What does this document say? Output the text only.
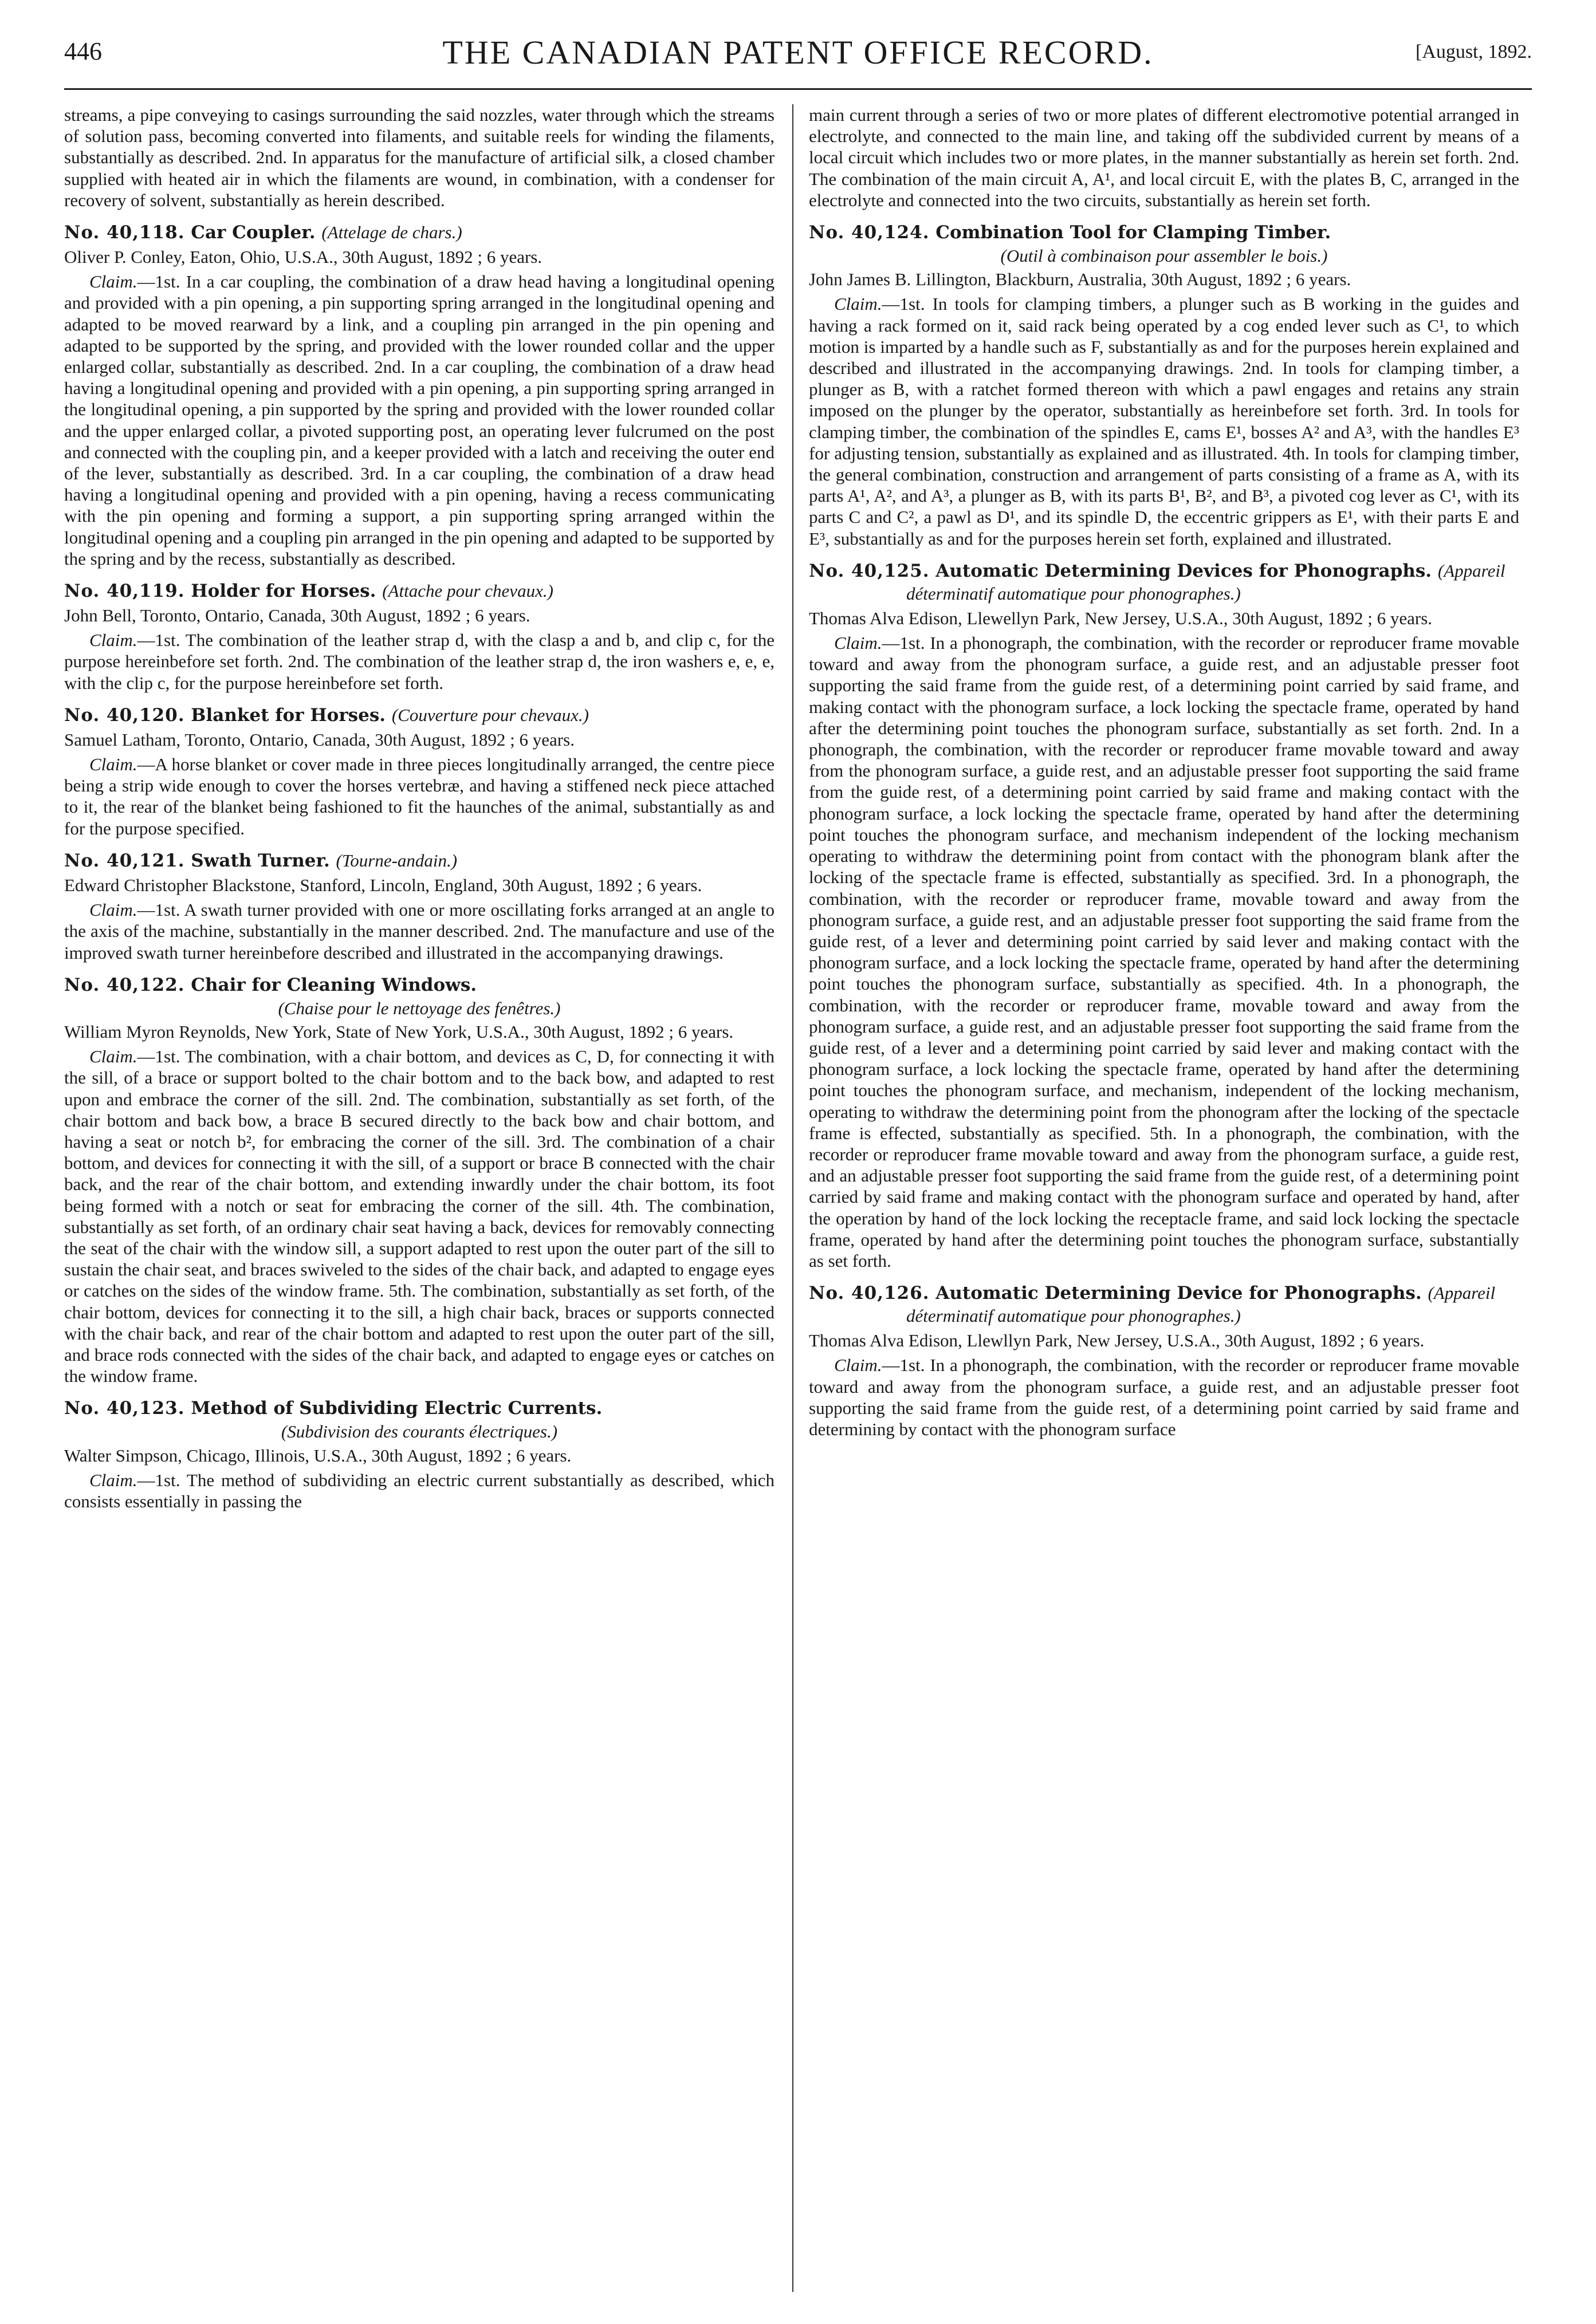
446	THE CANADIAN PATENT OFFICE RECORD.	[August, 1892.

streams, a pipe conveying to casings surrounding the said nozzles, water through which the streams of solution pass, becoming converted into filaments, and suitable reels for winding the filaments, substantially as described. 2nd. In apparatus for the manufacture of artificial silk, a closed chamber supplied with heated air in which the filaments are wound, in combination, with a condenser for recovery of solvent, substantially as herein described.

No. 40,118. Car Coupler. (Attelage de chars.)

Oliver P. Conley, Eaton, Ohio, U.S.A., 30th August, 1892 ; 6 years.

Claim.—1st. In a car coupling, the combination of a draw head having a longitudinal opening and provided with a pin opening, a pin supporting spring arranged in the longitudinal opening and adapted to be moved rearward by a link, and a coupling pin arranged in the pin opening and adapted to be supported by the spring, and provided with the lower rounded collar and the upper enlarged collar, substantially as described. 2nd. In a car coupling, the combination of a draw head having a longitudinal opening and provided with a pin opening, a pin supporting spring arranged in the longitudinal opening, a pin supported by the spring and provided with the lower rounded collar and the upper enlarged collar, a pivoted supporting post, an operating lever fulcrumed on the post and connected with the coupling pin, and a keeper provided with a latch and receiving the outer end of the lever, substantially as described. 3rd. In a car coupling, the combination of a draw head having a longitudinal opening and provided with a pin opening, having a recess communicating with the pin opening and forming a support, a pin supporting spring arranged within the longitudinal opening and a coupling pin arranged in the pin opening and adapted to be supported by the spring and by the recess, substantially as described.

No. 40,119. Holder for Horses. (Attache pour chevaux.)

John Bell, Toronto, Ontario, Canada, 30th August, 1892 ; 6 years.

Claim.—1st. The combination of the leather strap d, with the clasp a and b, and clip c, for the purpose hereinbefore set forth. 2nd. The combination of the leather strap d, the iron washers e, e, e, with the clip c, for the purpose hereinbefore set forth.

No. 40,120. Blanket for Horses. (Couverture pour chevaux.)

Samuel Latham, Toronto, Ontario, Canada, 30th August, 1892 ; 6 years.

Claim.—A horse blanket or cover made in three pieces longitudinally arranged, the centre piece being a strip wide enough to cover the horses vertebræ, and having a stiffened neck piece attached to it, the rear of the blanket being fashioned to fit the haunches of the animal, substantially as and for the purpose specified.

No. 40,121. Swath Turner. (Tourne-andain.)

Edward Christopher Blackstone, Stanford, Lincoln, England, 30th August, 1892 ; 6 years.

Claim.—1st. A swath turner provided with one or more oscillating forks arranged at an angle to the axis of the machine, substantially in the manner described. 2nd. The manufacture and use of the improved swath turner hereinbefore described and illustrated in the accompanying drawings.

No. 40,122. Chair for Cleaning Windows.

(Chaise pour le nettoyage des fenêtres.)

William Myron Reynolds, New York, State of New York, U.S.A., 30th August, 1892 ; 6 years.

Claim.—1st. The combination, with a chair bottom, and devices as C, D, for connecting it with the sill, of a brace or support bolted to the chair bottom and to the back bow, and adapted to rest upon and embrace the corner of the sill. 2nd. The combination, substantially as set forth, of the chair bottom and back bow, a brace B secured directly to the back bow and chair bottom, and having a seat or notch b², for embracing the corner of the sill. 3rd. The combination of a chair bottom, and devices for connecting it with the sill, of a support or brace B connected with the chair back, and the rear of the chair bottom, and extending inwardly under the chair bottom, its foot being formed with a notch or seat for embracing the corner of the sill. 4th. The combination, substantially as set forth, of an ordinary chair seat having a back, devices for removably connecting the seat of the chair with the window sill, a support adapted to rest upon the outer part of the sill to sustain the chair seat, and braces swiveled to the sides of the chair back, and adapted to engage eyes or catches on the sides of the window frame. 5th. The combination, substantially as set forth, of the chair bottom, devices for connecting it to the sill, a high chair back, braces or supports connected with the chair back, and rear of the chair bottom and adapted to rest upon the outer part of the sill, and brace rods connected with the sides of the chair back, and adapted to engage eyes or catches on the window frame.

No. 40,123. Method of Subdividing Electric Currents.

(Subdivision des courants électriques.)

Walter Simpson, Chicago, Illinois, U.S.A., 30th August, 1892 ; 6 years.

Claim.—1st. The method of subdividing an electric current substantially as described, which consists essentially in passing the

main current through a series of two or more plates of different electromotive potential arranged in electrolyte, and connected to the main line, and taking off the subdivided current by means of a local circuit which includes two or more plates, in the manner substantially as herein set forth. 2nd. The combination of the main circuit A, A¹, and local circuit E, with the plates B, C, arranged in the electrolyte and connected into the two circuits, substantially as herein set forth.

No. 40,124. Combination Tool for Clamping Timber.

(Outil à combinaison pour assembler le bois.)

John James B. Lillington, Blackburn, Australia, 30th August, 1892 ; 6 years.

Claim.—1st. In tools for clamping timbers, a plunger such as B working in the guides and having a rack formed on it, said rack being operated by a cog ended lever such as C¹, to which motion is imparted by a handle such as F, substantially as and for the purposes herein explained and described and illustrated in the accompanying drawings. 2nd. In tools for clamping timber, a plunger as B, with a ratchet formed thereon with which a pawl engages and retains any strain imposed on the plunger by the operator, substantially as hereinbefore set forth. 3rd. In tools for clamping timber, the combination of the spindles E, cams E¹, bosses A² and A³, with the handles E³ for adjusting tension, substantially as explained and as illustrated. 4th. In tools for clamping timber, the general combination, construction and arrangement of parts consisting of a frame as A, with its parts A¹, A², and A³, a plunger as B, with its parts B¹, B², and B³, a pivoted cog lever as C¹, with its parts C and C², a pawl as D¹, and its spindle D, the eccentric grippers as E¹, with their parts E and E³, substantially as and for the purposes herein set forth, explained and illustrated.

No. 40,125. Automatic Determining Devices for Phonographs. (Appareil déterminatif automatique pour phonographes.)

Thomas Alva Edison, Llewellyn Park, New Jersey, U.S.A., 30th August, 1892 ; 6 years.

Claim.—1st. In a phonograph, the combination, with the recorder or reproducer frame movable toward and away from the phonogram surface, a guide rest, and an adjustable presser foot supporting the said frame from the guide rest, of a determining point carried by said frame, and making contact with the phonogram surface, a lock locking the spectacle frame, operated by hand after the determining point touches the phonogram surface, substantially as set forth. 2nd. In a phonograph, the combination, with the recorder or reproducer frame movable toward and away from the phonogram surface, a guide rest, and an adjustable presser foot supporting the said frame from the guide rest, of a determining point carried by said frame and making contact with the phonogram surface, a lock locking the spectacle frame, operated by hand after the determining point touches the phonogram surface, and mechanism independent of the locking mechanism operating to withdraw the determining point from contact with the phonogram blank after the locking of the spectacle frame is effected, substantially as specified. 3rd. In a phonograph, the combination, with the recorder or reproducer frame, movable toward and away from the phonogram surface, a guide rest, and an adjustable presser foot supporting the said frame from the guide rest, of a lever and determining point carried by said lever and making contact with the phonogram surface, and a lock locking the spectacle frame, operated by hand after the determining point touches the phonogram surface, substantially as specified. 4th. In a phonograph, the combination, with the recorder or reproducer frame, movable toward and away from the phonogram surface, a guide rest, and an adjustable presser foot supporting the said frame from the guide rest, of a lever and a determining point carried by said lever and making contact with the phonogram surface, a lock locking the spectacle frame, operated by hand after the determining point touches the phonogram surface, and mechanism, independent of the locking mechanism, operating to withdraw the determining point from the phonogram after the locking of the spectacle frame is effected, substantially as specified. 5th. In a phonograph, the combination, with the recorder or reproducer frame movable toward and away from the phonogram surface, a guide rest, and an adjustable presser foot supporting the said frame from the guide rest, of a determining point carried by said frame and making contact with the phonogram surface and operated by hand, after the operation by hand of the lock locking the receptacle frame, and said lock locking the spectacle frame, operated by hand after the determining point touches the phonogram surface, substantially as set forth.

No. 40,126. Automatic Determining Device for Phonographs. (Appareil déterminatif automatique pour phonographes.)

Thomas Alva Edison, Llewllyn Park, New Jersey, U.S.A., 30th August, 1892 ; 6 years.

Claim.—1st. In a phonograph, the combination, with the recorder or reproducer frame movable toward and away from the phonogram surface, a guide rest, and an adjustable presser foot supporting the said frame from the guide rest, of a determining point carried by said frame and determining by contact with the phonogram surface
